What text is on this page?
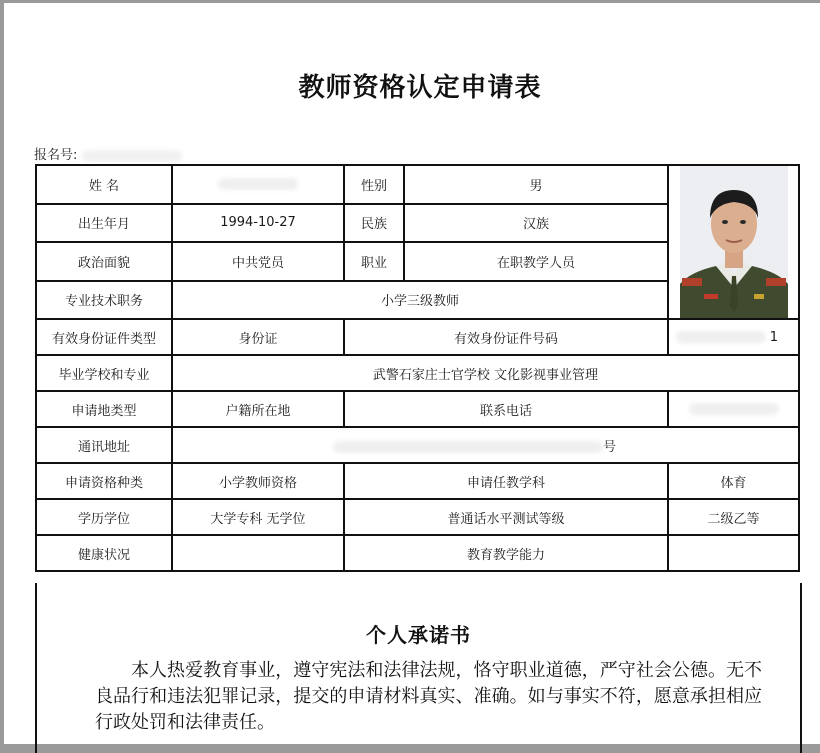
教师资格认定申请表
报名号:
姓 名		性别	男	

出生年月	1994-10-27	民族	汉族	
政治面貌	中共党员	职业	在职教学人员	
专业技术职务	小学三级教师			
有效身份证件类型	身份证	有效身份证件号码		1
毕业学校和专业	武警石家庄士官学校 文化影视事业管理			
申请地类型	户籍所在地	联系电话		
通讯地址	号			
申请资格种类	小学教师资格	申请任教学科		体育
学历学位	大学专科 无学位	普通话水平测试等级		二级乙等
健康状况		教育教学能力		
个人承诺书
本人热爱教育事业，遵守宪法和法律法规，恪守职业道德，严守社会公德。无不良品行和违法犯罪记录，提交的申请材料真实、准确。如与事实不符，愿意承担相应行政处罚和法律责任。
